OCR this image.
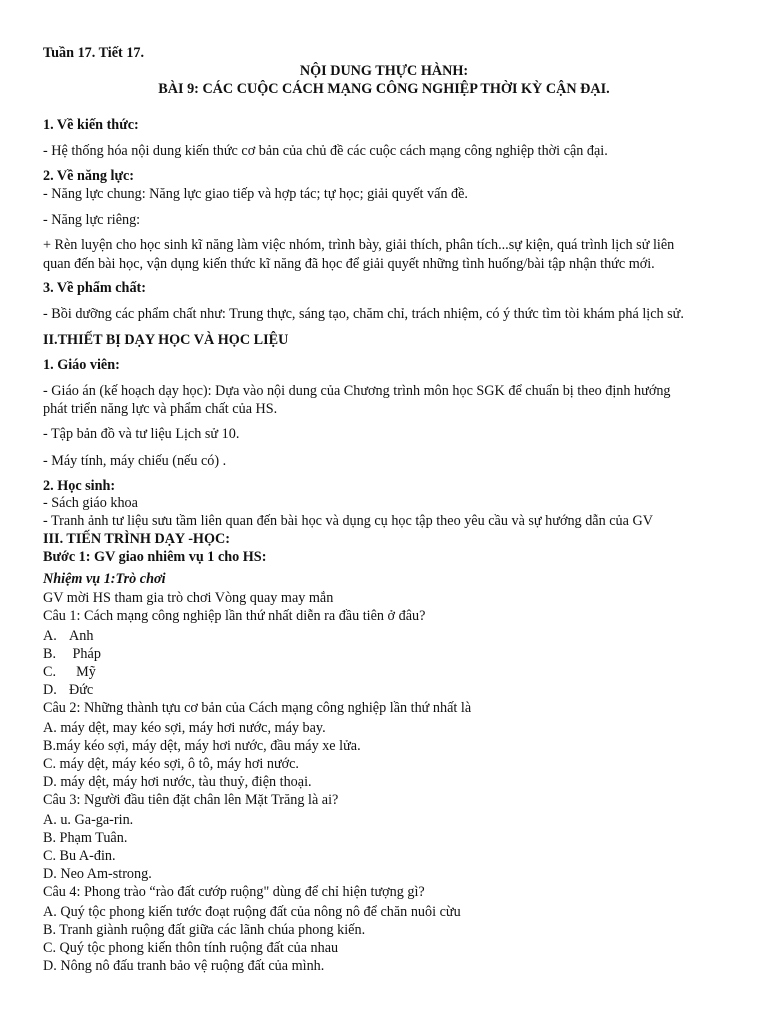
Tuần 17. Tiết 17.
NỘI DUNG THỰC HÀNH:
BÀI 9: CÁC CUỘC CÁCH MẠNG CÔNG NGHIỆP THỜI KỲ CẬN ĐẠI.
1. Về kiến thức:
- Hệ thống hóa nội dung kiến thức cơ bản của chủ đề các cuộc cách mạng công nghiệp thời cận đại.
2. Về năng lực:
- Năng lực chung: Năng lực giao tiếp và hợp tác; tự học; giải quyết vấn đề.
- Năng lực riêng:
+ Rèn luyện cho học sinh kĩ năng làm việc nhóm, trình bày, giải thích, phân tích...sự kiện, quá trình lịch sử liên
quan đến bài học, vận dụng kiến thức kĩ năng đã học để giải quyết những tình huống/bài tập nhận thức mới.
3. Về phẩm chất:
- Bồi dưỡng các phẩm chất như: Trung thực, sáng tạo, chăm chỉ, trách nhiệm, có ý thức tìm tòi khám phá lịch sử.
II.THIẾT BỊ DẠY HỌC VÀ HỌC LIỆU
1. Giáo viên:
- Giáo án (kế hoạch dạy học): Dựa vào nội dung của Chương trình môn học SGK để chuẩn bị theo định hướng
phát triển năng lực và phẩm chất của HS.
- Tập bản đồ và tư liệu Lịch sử 10.
- Máy tính, máy chiếu (nếu có) .
2. Học sinh:
- Sách giáo khoa
- Tranh ảnh tư liệu sưu tầm liên quan đến bài học và dụng cụ học tập theo yêu cầu và sự hướng dẫn của GV
III. TIẾN TRÌNH DẠY -HỌC:
Bước 1: GV giao nhiêm vụ 1 cho HS:
Nhiệm vụ 1:Trò chơi
GV mời HS tham gia trò chơi Vòng quay may mắn
Câu 1: Cách mạng công nghiệp lần thứ nhất diễn ra đầu tiên ở đâu?
A. Anh
B. Pháp
C.  Mỹ
D. Đức
Câu 2: Những thành tựu cơ bản của Cách mạng công nghiệp lần thứ nhất là
A. máy dệt, may kéo sợi, máy hơi nước, máy bay.
B.máy kéo sợi, máy dệt, máy hơi nước, đầu máy xe lửa.
C. máy dệt, máy kéo sợi, ô tô, máy hơi nước.
D. máy dệt, máy hơi nước, tàu thuỷ, điện thoại.
Câu 3: Người đầu tiên đặt chân lên Mặt Trăng là ai?
A. u. Ga-ga-rin.
B. Phạm Tuân.
C. Bu A-đin.
D. Neo Am-strong.
Câu 4: Phong trào “rào đất cướp ruộng" dùng để chỉ hiện tượng gì?
A. Quý tộc phong kiến tước đoạt ruộng đất của nông nô để chăn nuôi cừu
B. Tranh giành ruộng đất giữa các lãnh chúa phong kiến.
C. Quý tộc phong kiến thôn tính ruộng đất của nhau
D. Nông nô đấu tranh bảo vệ ruộng đất của mình.
